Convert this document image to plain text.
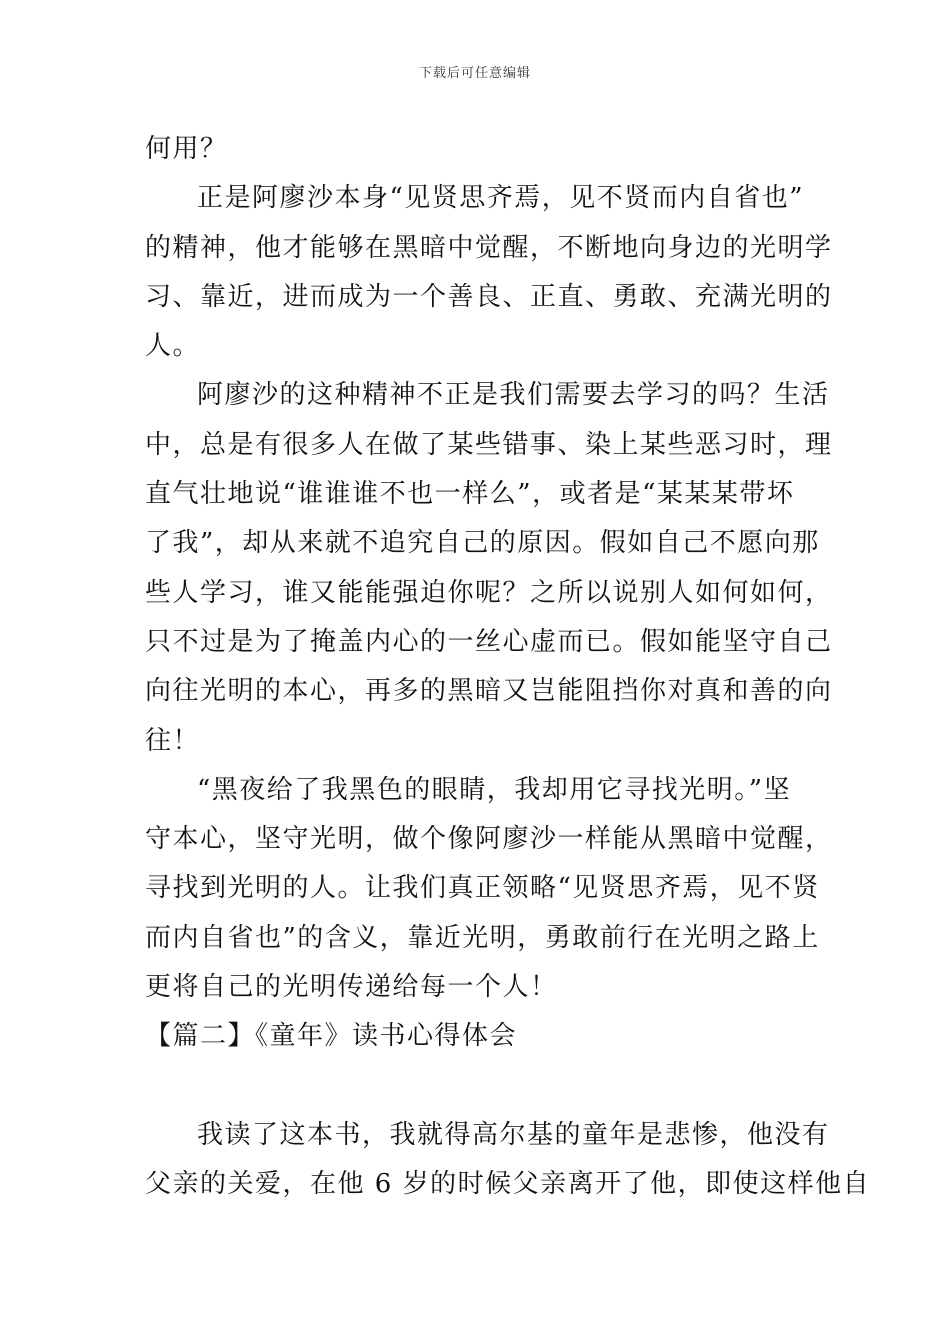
下载后可任意编辑
何用？
正是阿廖沙本身“见贤思齐焉，见不贤而内自省也”
的精神，他才能够在黑暗中觉醒，不断地向身边的光明学
习、靠近，进而成为一个善良、正直、勇敢、充满光明的
人。
阿廖沙的这种精神不正是我们需要去学习的吗？生活
中，总是有很多人在做了某些错事、染上某些恶习时，理
直气壮地说“谁谁谁不也一样么”，或者是“某某某带坏
了我”，却从来就不追究自己的原因。假如自己不愿向那
些人学习，谁又能能强迫你呢？之所以说别人如何如何，
只不过是为了掩盖内心的一丝心虚而已。假如能坚守自己
向往光明的本心，再多的黑暗又岂能阻挡你对真和善的向
往！
“黑夜给了我黑色的眼睛，我却用它寻找光明。”坚
守本心，坚守光明，做个像阿廖沙一样能从黑暗中觉醒，
寻找到光明的人。让我们真正领略“见贤思齐焉，见不贤
而内自省也”的含义，靠近光明，勇敢前行在光明之路上
更将自己的光明传递给每一个人！
【篇二】《童年》读书心得体会
我读了这本书，我就得高尔基的童年是悲惨，他没有
父亲的关爱，在他 6 岁的时候父亲离开了他，即使这样他自
